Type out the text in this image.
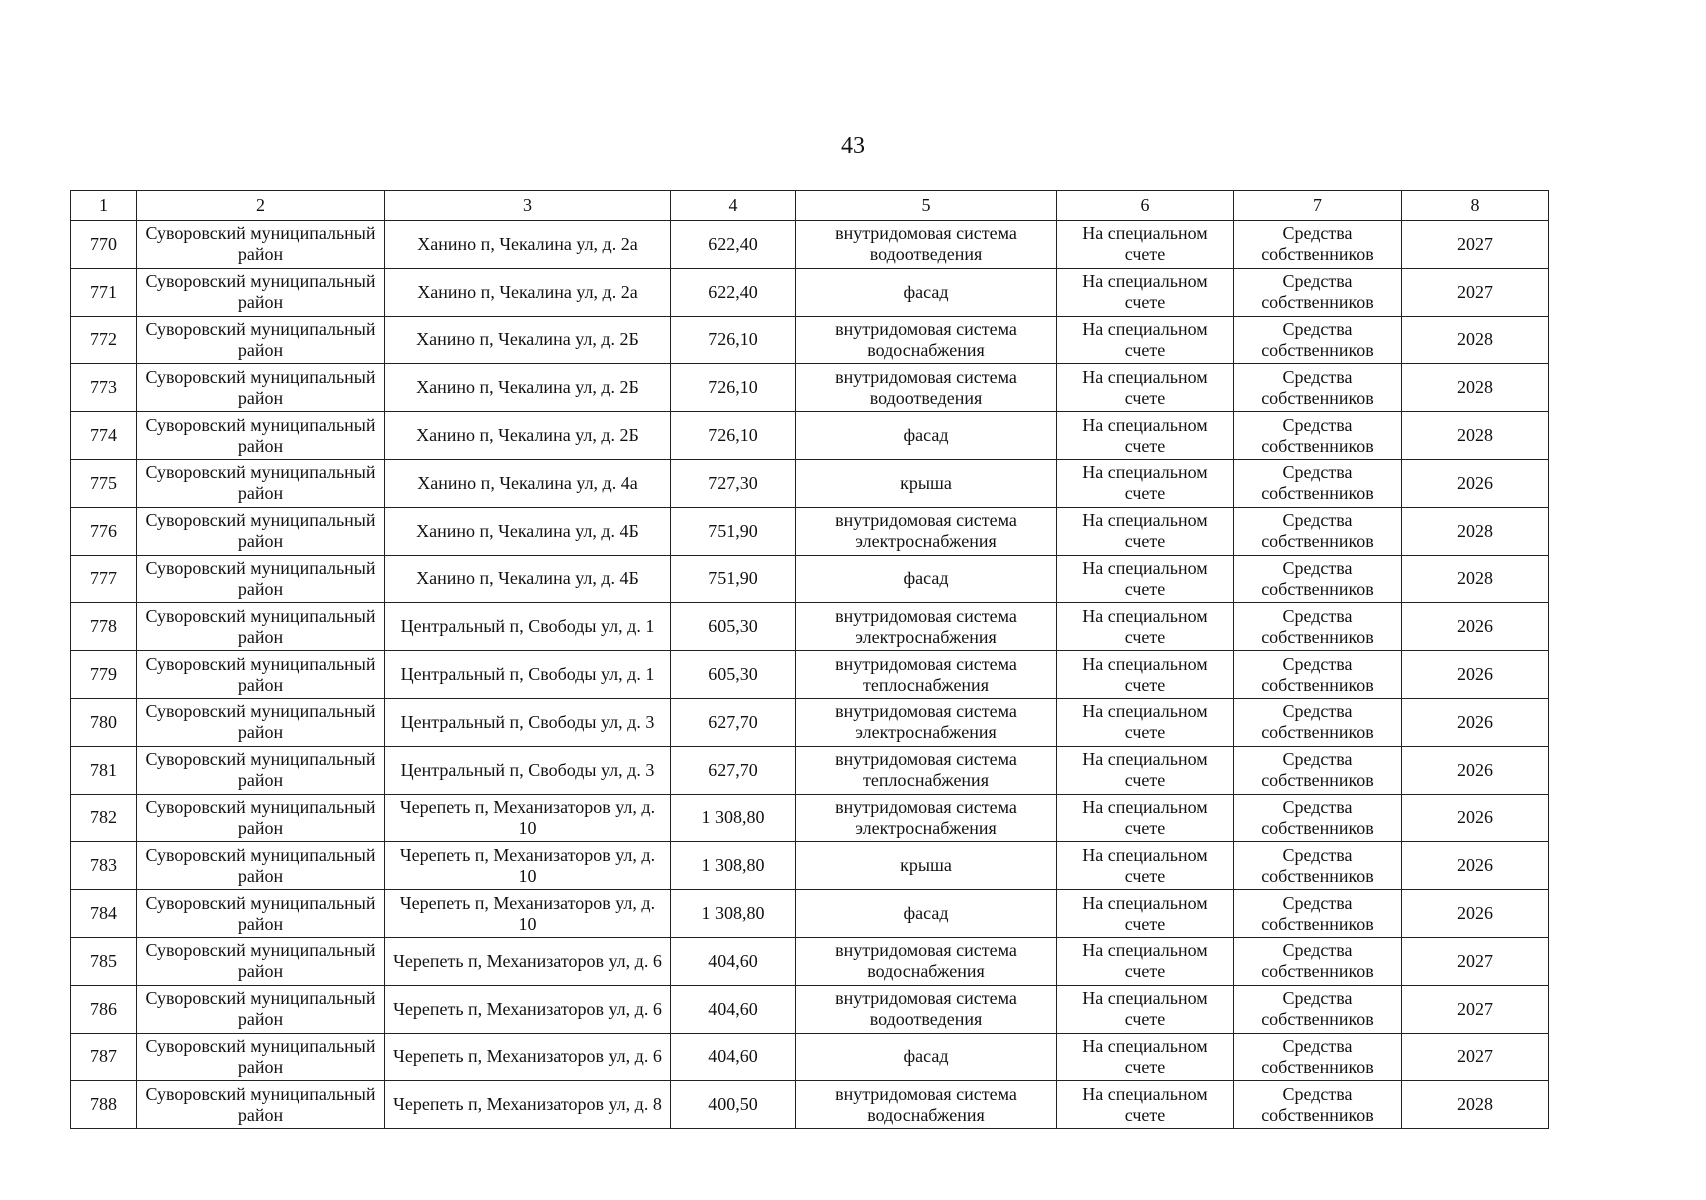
43
1	2	3	4	5	6	7	8
770	Суворовский муниципальный район	Ханино п, Чекалина ул, д. 2а	622,40	внутридомовая система водоотведения	На специальном счете	Средства собственников	2027
771	Суворовский муниципальный район	Ханино п, Чекалина ул, д. 2а	622,40	фасад	На специальном счете	Средства собственников	2027
772	Суворовский муниципальный район	Ханино п, Чекалина ул, д. 2Б	726,10	внутридомовая система водоснабжения	На специальном счете	Средства собственников	2028
773	Суворовский муниципальный район	Ханино п, Чекалина ул, д. 2Б	726,10	внутридомовая система водоотведения	На специальном счете	Средства собственников	2028
774	Суворовский муниципальный район	Ханино п, Чекалина ул, д. 2Б	726,10	фасад	На специальном счете	Средства собственников	2028
775	Суворовский муниципальный район	Ханино п, Чекалина ул, д. 4а	727,30	крыша	На специальном счете	Средства собственников	2026
776	Суворовский муниципальный район	Ханино п, Чекалина ул, д. 4Б	751,90	внутридомовая система электроснабжения	На специальном счете	Средства собственников	2028
777	Суворовский муниципальный район	Ханино п, Чекалина ул, д. 4Б	751,90	фасад	На специальном счете	Средства собственников	2028
778	Суворовский муниципальный район	Центральный п, Свободы ул, д. 1	605,30	внутридомовая система электроснабжения	На специальном счете	Средства собственников	2026
779	Суворовский муниципальный район	Центральный п, Свободы ул, д. 1	605,30	внутридомовая система теплоснабжения	На специальном счете	Средства собственников	2026
780	Суворовский муниципальный район	Центральный п, Свободы ул, д. 3	627,70	внутридомовая система электроснабжения	На специальном счете	Средства собственников	2026
781	Суворовский муниципальный район	Центральный п, Свободы ул, д. 3	627,70	внутридомовая система теплоснабжения	На специальном счете	Средства собственников	2026
782	Суворовский муниципальный район	Черепеть п, Механизаторов ул, д. 10	1 308,80	внутридомовая система электроснабжения	На специальном счете	Средства собственников	2026
783	Суворовский муниципальный район	Черепеть п, Механизаторов ул, д. 10	1 308,80	крыша	На специальном счете	Средства собственников	2026
784	Суворовский муниципальный район	Черепеть п, Механизаторов ул, д. 10	1 308,80	фасад	На специальном счете	Средства собственников	2026
785	Суворовский муниципальный район	Черепеть п, Механизаторов ул, д. 6	404,60	внутридомовая система водоснабжения	На специальном счете	Средства собственников	2027
786	Суворовский муниципальный район	Черепеть п, Механизаторов ул, д. 6	404,60	внутридомовая система водоотведения	На специальном счете	Средства собственников	2027
787	Суворовский муниципальный район	Черепеть п, Механизаторов ул, д. 6	404,60	фасад	На специальном счете	Средства собственников	2027
788	Суворовский муниципальный район	Черепеть п, Механизаторов ул, д. 8	400,50	внутридомовая система водоснабжения	На специальном счете	Средства собственников	2028
